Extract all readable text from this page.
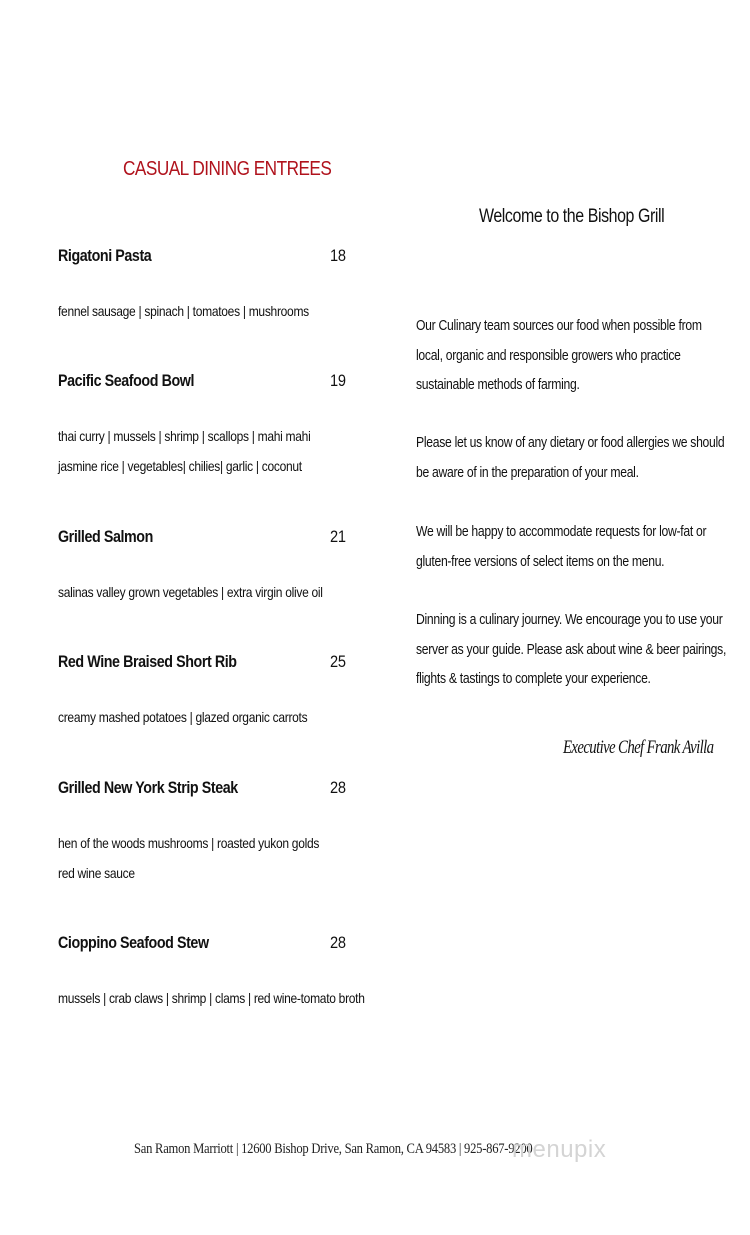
CASUAL DINING ENTREES
Rigatoni Pasta	18
fennel sausage | spinach | tomatoes | mushrooms
Pacific Seafood Bowl	19
thai curry | mussels | shrimp | scallops | mahi mahi
jasmine rice | vegetables| chilies| garlic | coconut
Grilled Salmon	21
salinas valley grown vegetables | extra virgin olive oil
Red Wine Braised Short Rib	25
creamy mashed potatoes | glazed organic carrots
Grilled New York Strip Steak	28
hen of the woods mushrooms | roasted yukon golds
red wine sauce
Cioppino Seafood Stew	28
mussels | crab claws | shrimp | clams | red wine-tomato broth
Welcome to the Bishop Grill
Our Culinary team sources our food when possible from
local, organic and responsible growers who practice
sustainable methods of farming.
Please let us know of any dietary or food allergies we should
be aware of in the preparation of your meal.
We will be happy to accommodate requests for low-fat or
gluten-free versions of select items on the menu.
Dinning is a culinary journey. We encourage you to use your
server as your guide. Please ask about wine & beer pairings,
flights & tastings to complete your experience.
Executive Chef Frank Avilla
San Ramon Marriott | 12600 Bishop Drive, San Ramon, CA 94583 | 925-867-9200
menupix
